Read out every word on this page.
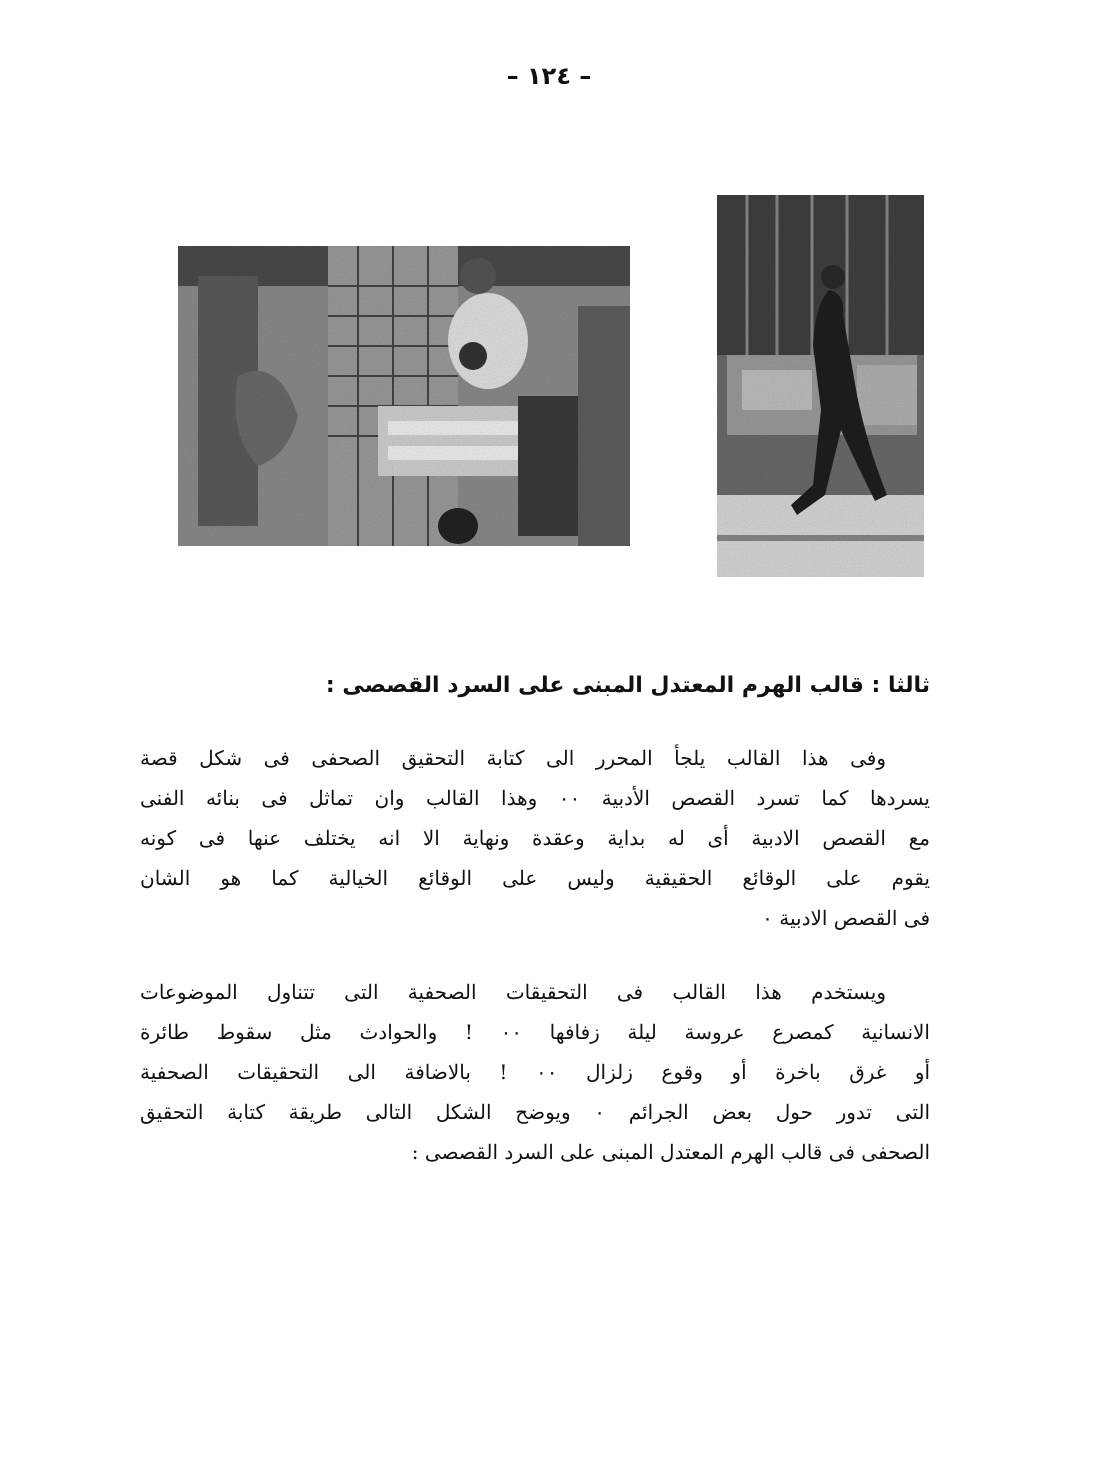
– ١٢٤ –
ثالثا : قالب الهرم المعتدل المبنى على السرد القصصى :
وفى هذا القالب يلجأ المحرر الى كتابة التحقيق الصحفى فى شكل قصة
يسردها كما تسرد القصص الأدبية ٠٠ وهذا القالب وان تماثل فى بنائه الفنى
مع القصص الادبية أى له بداية وعقدة ونهاية الا انه يختلف عنها فى كونه
يقوم على الوقائع الحقيقية وليس على الوقائع الخيالية كما هو الشان
فى القصص الادبية ٠
ويستخدم هذا القالب فى التحقيقات الصحفية التى تتناول الموضوعات
الانسانية كمصرع عروسة ليلة زفافها ٠٠ ! والحوادث مثل سقوط طائرة
أو غرق باخرة أو وقوع زلزال ٠٠ ! بالاضافة الى التحقيقات الصحفية
التى تدور حول بعض الجرائم ٠ ويوضح الشكل التالى طريقة كتابة التحقيق
الصحفى فى قالب الهرم المعتدل المبنى على السرد القصصى :
